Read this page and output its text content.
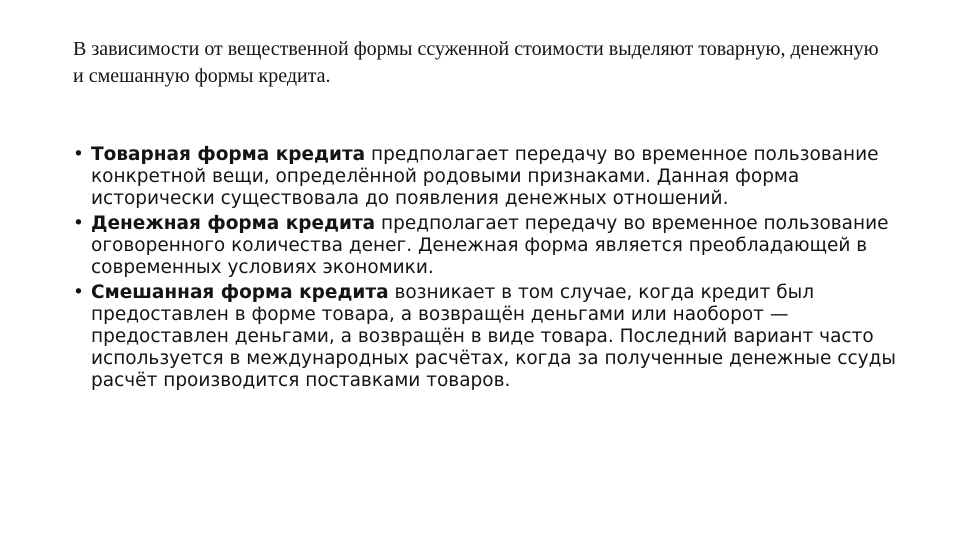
В зависимости от вещественной формы ссуженной стоимости выделяют товарную, денежную и смешанную формы кредита.

• Товарная форма кредита предполагает передачу во временное пользование конкретной вещи, определённой родовыми признаками. Данная форма исторически существовала до появления денежных отношений.
• Денежная форма кредита предполагает передачу во временное пользование оговоренного количества денег. Денежная форма является преобладающей в современных условиях экономики.
• Смешанная форма кредита возникает в том случае, когда кредит был предоставлен в форме товара, а возвращён деньгами или наоборот — предоставлен деньгами, а возвращён в виде товара. Последний вариант часто используется в международных расчётах, когда за полученные денежные ссуды расчёт производится поставками товаров.
